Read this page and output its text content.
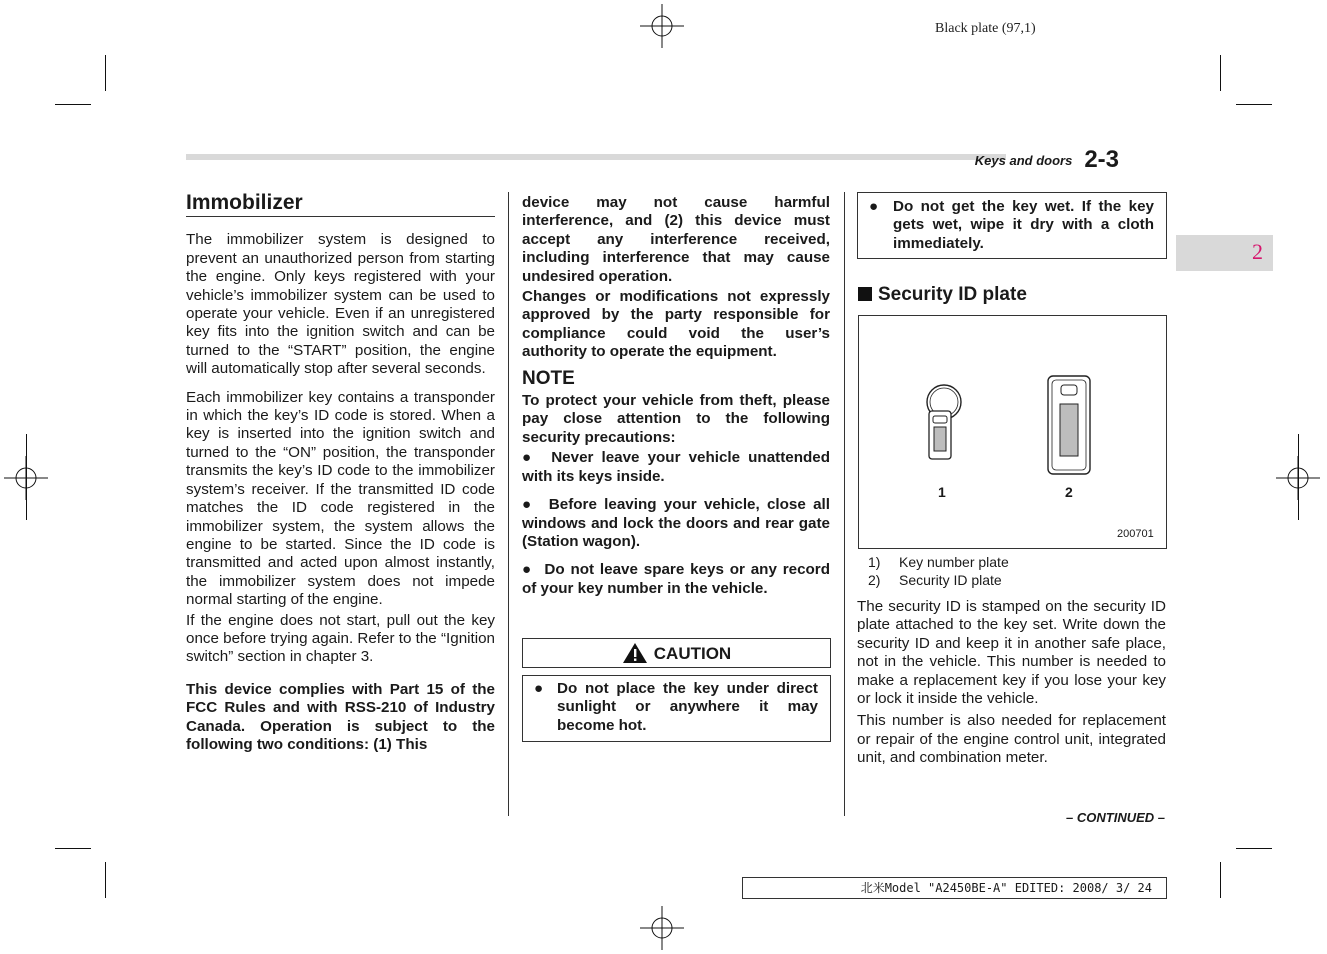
Black plate (97,1)
Keys and doors 2-3
2
Immobilizer

The immobilizer system is designed to prevent an unauthorized person from starting the engine. Only keys registered with your vehicle’s immobilizer system can be used to operate your vehicle. Even if an unregistered key fits into the ignition switch and can be turned to the “START” position, the engine will automatically stop after several seconds.

Each immobilizer key contains a transponder in which the key’s ID code is stored. When a key is inserted into the ignition switch and turned to the “ON” position, the transponder transmits the key’s ID code to the immobilizer system’s receiver. If the transmitted ID code matches the ID code registered in the immobilizer system, the system allows the engine to be started. Since the ID code is transmitted and acted upon almost instantly, the immobilizer system does not impede normal starting of the engine.

If the engine does not start, pull out the key once before trying again. Refer to the “Ignition switch” section in chapter 3.

This device complies with Part 15 of the FCC Rules and with RSS-210 of Industry Canada. Operation is subject to the following two conditions: (1) This

device may not cause harmful interference, and (2) this device must accept any interference received, including interference that may cause undesired operation.

Changes or modifications not expressly approved by the party responsible for compliance could void the user’s authority to operate the equipment.

NOTE

To protect your vehicle from theft, please pay close attention to the following security precautions:

●  Never leave your vehicle unattended with its keys inside.

●  Before leaving your vehicle, close all windows and lock the doors and rear gate (Station wagon).

●  Do not leave spare keys or any record of your key number in the vehicle.

CAUTION
● Do not place the key under direct sunlight or anywhere it may become hot.
● Do not get the key wet. If the key gets wet, wipe it dry with a cloth immediately.
Security ID plate
1	2
200701
1) Key number plate
2) Security ID plate

The security ID is stamped on the security ID plate attached to the key set. Write down the security ID and keep it in another safe place, not in the vehicle. This number is needed to make a replacement key if you lose your key or lock it inside the vehicle.

This number is also needed for replacement or repair of the engine control unit, integrated unit, and combination meter.

– CONTINUED –
北米Model "A2450BE-A" EDITED: 2008/ 3/ 24
